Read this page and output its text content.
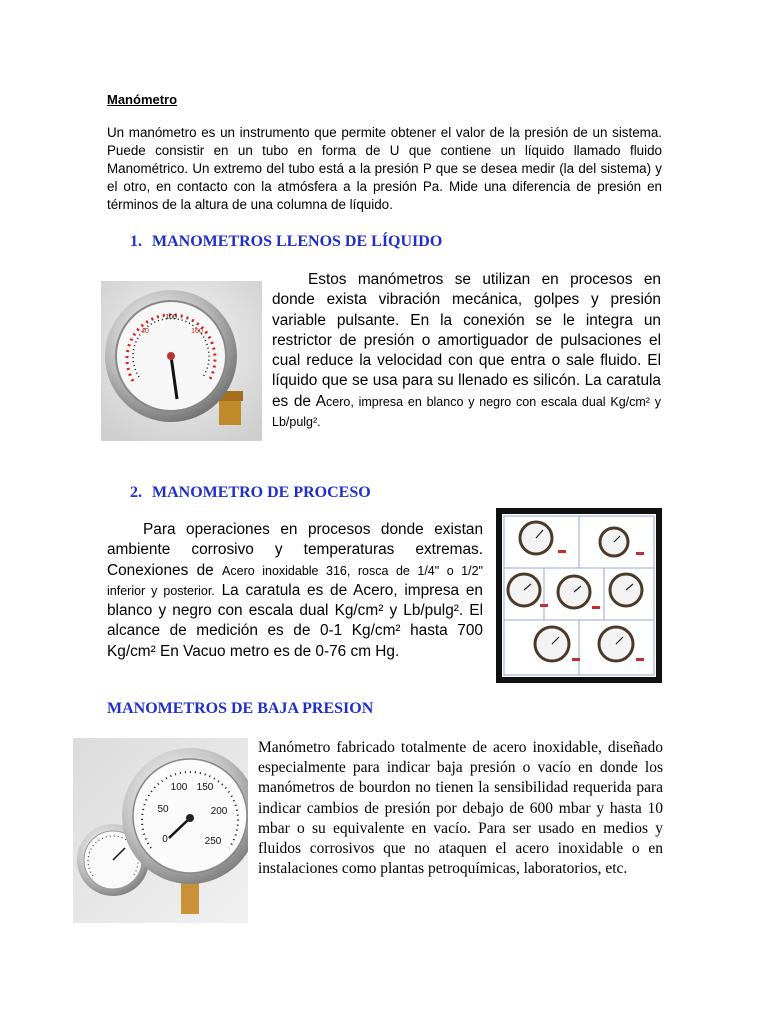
Manómetro

Un manómetro es un instrumento que permite obtener el valor de la presión de un sistema. Puede consistir en un tubo en forma de U que contiene un líquido llamado fluido Manométrico. Un extremo del tubo está a la presión P que se desea medir (la del sistema) y el otro, en contacto con la atmósfera a la presión Pa. Mide una diferencia de presión en términos de la altura de una columna de líquido.

1. MANOMETROS LLENOS DE LÍQUIDO
100
160
40

Estos manómetros se utilizan en procesos en donde exista vibración mecánica, golpes y presión variable pulsante. En la conexión se le integra un restrictor de presión o amortiguador de pulsaciones el cual reduce la velocidad con que entra o sale fluido. El líquido que se usa para su llenado es silicón. La caratula es de Acero, impresa en blanco y negro con escala dual Kg/cm² y Lb/pulg².

2. MANOMETRO DE PROCESO

Para operaciones en procesos donde existan ambiente corrosivo y temperaturas extremas. Conexiones de Acero inoxidable 316, rosca de 1/4" o 1/2" inferior y posterior. La caratula es de Acero, impresa en blanco y negro con escala dual Kg/cm² y Lb/pulg². El alcance de medición es de 0-1 Kg/cm² hasta 700 Kg/cm² En Vacuo metro es de 0-76 cm Hg.

MANOMETROS DE BAJA PRESION
100 150
50	200
0	250

Manómetro fabricado totalmente de acero inoxidable, diseñado especialmente para indicar baja presión o vacío en donde los manómetros de bourdon no tienen la sensibilidad requerida para indicar cambios de presión por debajo de 600 mbar y hasta 10 mbar o su equivalente en vacío. Para ser usado en medios y fluidos corrosivos que no ataquen el acero inoxidable o en instalaciones como plantas petroquímicas, laboratorios, etc.
